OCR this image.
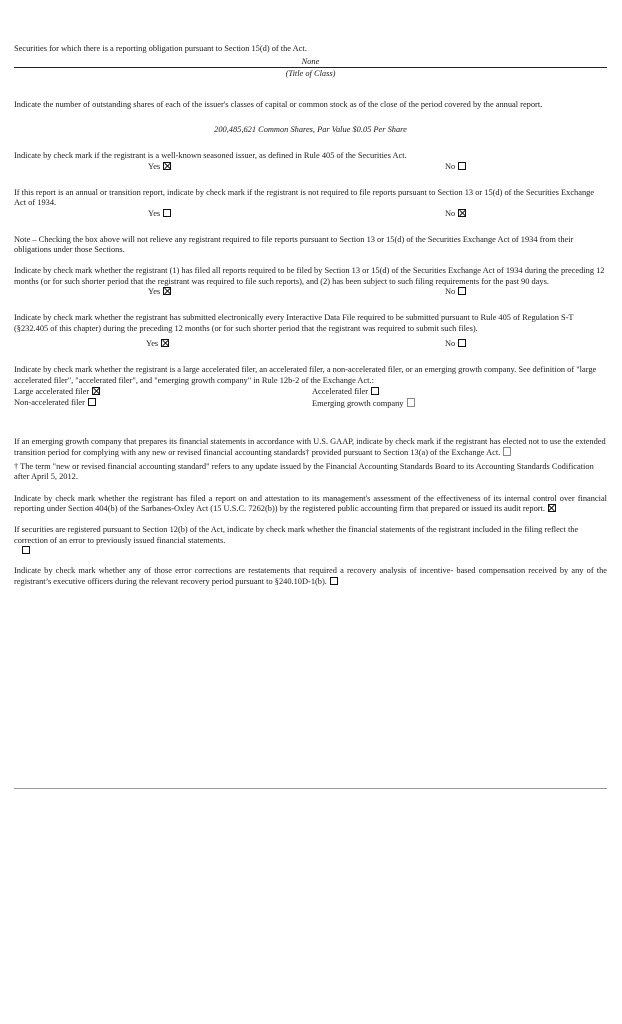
Securities for which there is a reporting obligation pursuant to Section 15(d) of the Act.

None

(Title of Class)

Indicate the number of outstanding shares of each of the issuer's classes of capital or common stock as of the close of the period covered by the annual report.

200,485,621 Common Shares, Par Value $0.05 Per Share

Indicate by check mark if the registrant is a well-known seasoned issuer, as defined in Rule 405 of the Securities Act.

Yes	No

If this report is an annual or transition report, indicate by check mark if the registrant is not required to file reports pursuant to Section 13 or 15(d) of the Securities Exchange Act of 1934.

Yes	No

Note – Checking the box above will not relieve any registrant required to file reports pursuant to Section 13 or 15(d) of the Securities Exchange Act of 1934 from their obligations under those Sections.

Indicate by check mark whether the registrant (1) has filed all reports required to be filed by Section 13 or 15(d) of the Securities Exchange Act of 1934 during the preceding 12 months (or for such shorter period that the registrant was required to file such reports), and (2) has been subject to such filing requirements for the past 90 days.

Yes	No

Indicate by check mark whether the registrant has submitted electronically every Interactive Data File required to be submitted pursuant to Rule 405 of Regulation S-T (§232.405 of this chapter) during the preceding 12 months (or for such shorter period that the registrant was required to submit such files).

Yes	No

Indicate by check mark whether the registrant is a large accelerated filer, an accelerated filer, a non-accelerated filer, or an emerging growth company. See definition of "large accelerated filer", "accelerated filer", and "emerging growth company" in Rule 12b-2 of the Exchange Act.:

Large accelerated filer	Accelerated filer
Non-accelerated filer	Emerging growth company

If an emerging growth company that prepares its financial statements in accordance with U.S. GAAP, indicate by check mark if the registrant has elected not to use the extended transition period for complying with any new or revised financial accounting standards† provided pursuant to Section 13(a) of the Exchange Act.

† The term "new or revised financial accounting standard" refers to any update issued by the Financial Accounting Standards Board to its Accounting Standards Codification after April 5, 2012.

Indicate by check mark whether the registrant has filed a report on and attestation to its management's assessment of the effectiveness of its internal control over financial reporting under Section 404(b) of the Sarbanes-Oxley Act (15 U.S.C. 7262(b)) by the registered public accounting firm that prepared or issued its audit report.

If securities are registered pursuant to Section 12(b) of the Act, indicate by check mark whether the financial statements of the registrant included in the filing reflect the correction of an error to previously issued financial statements.

Indicate by check mark whether any of those error corrections are restatements that required a recovery analysis of incentive- based compensation received by any of the registrant’s executive officers during the relevant recovery period pursuant to §240.10D-1(b).
